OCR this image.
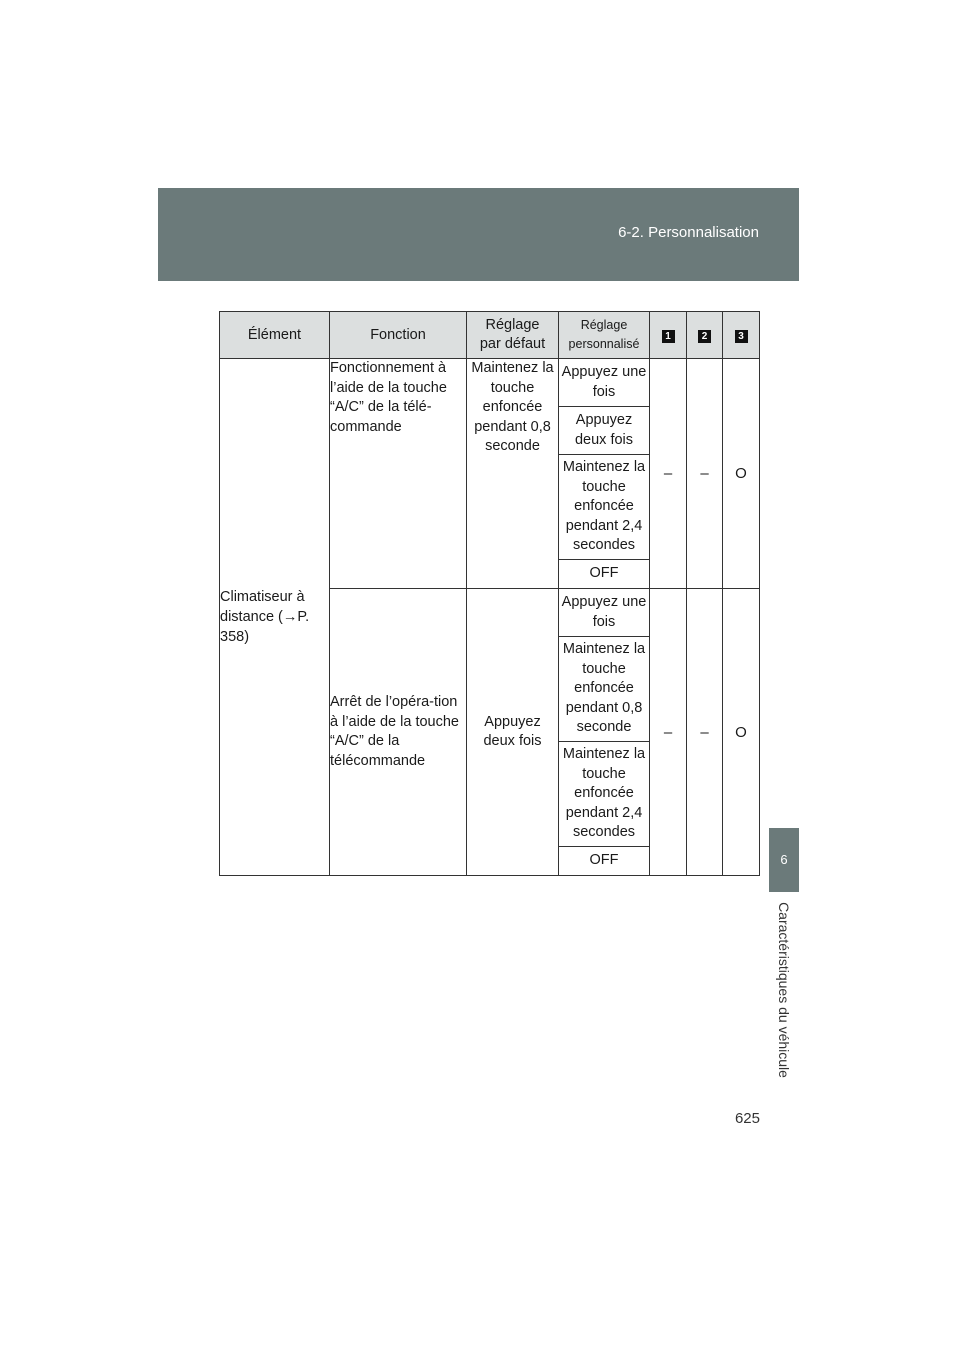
6-2. Personnalisation
6
Caractéristiques du véhicule
625
Élément	Fonction	Réglage par défaut	Réglage personnalisé	1	2	3
Climatiseur à distance (→P. 358)	Fonctionnement à l’aide de la touche “A/C” de la télé-commande	Maintenez la touche enfoncée pendant 0,8 seconde	Appuyez une fois	–	–	O
			Appuyez deux fois			
			Maintenez la touche enfoncée pendant 2,4 secondes			
			OFF			
	Arrêt de l’opéra-tion à l’aide de la touche “A/C” de la télécommande	Appuyez deux fois	Appuyez une fois	–	–	O
			Maintenez la touche enfoncée pendant 0,8 seconde			
			Maintenez la touche enfoncée pendant 2,4 secondes			
			OFF			
